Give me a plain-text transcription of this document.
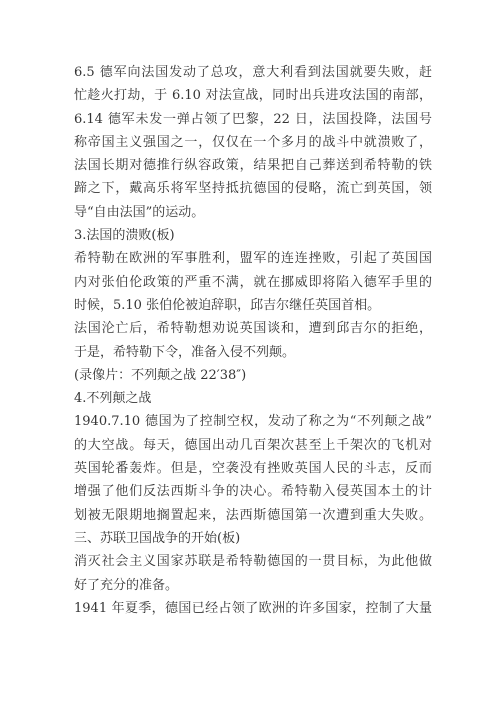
6.5 德军向法国发动了总攻，意大利看到法国就要失败，赶
忙趁火打劫，于 6.10 对法宣战，同时出兵进攻法国的南部，
6.14 德军未发一弹占领了巴黎，22 日，法国投降，法国号
称帝国主义强国之一，仅仅在一个多月的战斗中就溃败了，
法国长期对德推行纵容政策，结果把自己葬送到希特勒的铁
蹄之下，戴高乐将军坚持抵抗德国的侵略，流亡到英国，领
导“自由法国”的运动。
3.法国的溃败(板)
希特勒在欧洲的军事胜利，盟军的连连挫败，引起了英国国
内对张伯伦政策的严重不满，就在挪威即将陷入德军手里的
时候，5.10 张伯伦被迫辞职，邱吉尔继任英国首相。
法国沦亡后，希特勒想劝说英国谈和，遭到邱吉尔的拒绝，
于是，希特勒下令，准备入侵不列颠。
(录像片：不列颠之战 22′38″)
4.不列颠之战
1940.7.10 德国为了控制空权，发动了称之为“不列颠之战”
的大空战。每天，德国出动几百架次甚至上千架次的飞机对
英国轮番轰炸。但是，空袭没有挫败英国人民的斗志，反而
增强了他们反法西斯斗争的决心。希特勒入侵英国本土的计
划被无限期地搁置起来，法西斯德国第一次遭到重大失败。
三、苏联卫国战争的开始(板)
消灭社会主义国家苏联是希特勒德国的一贯目标，为此他做
好了充分的准备。
1941 年夏季，德国已经占领了欧洲的许多国家，控制了大量
